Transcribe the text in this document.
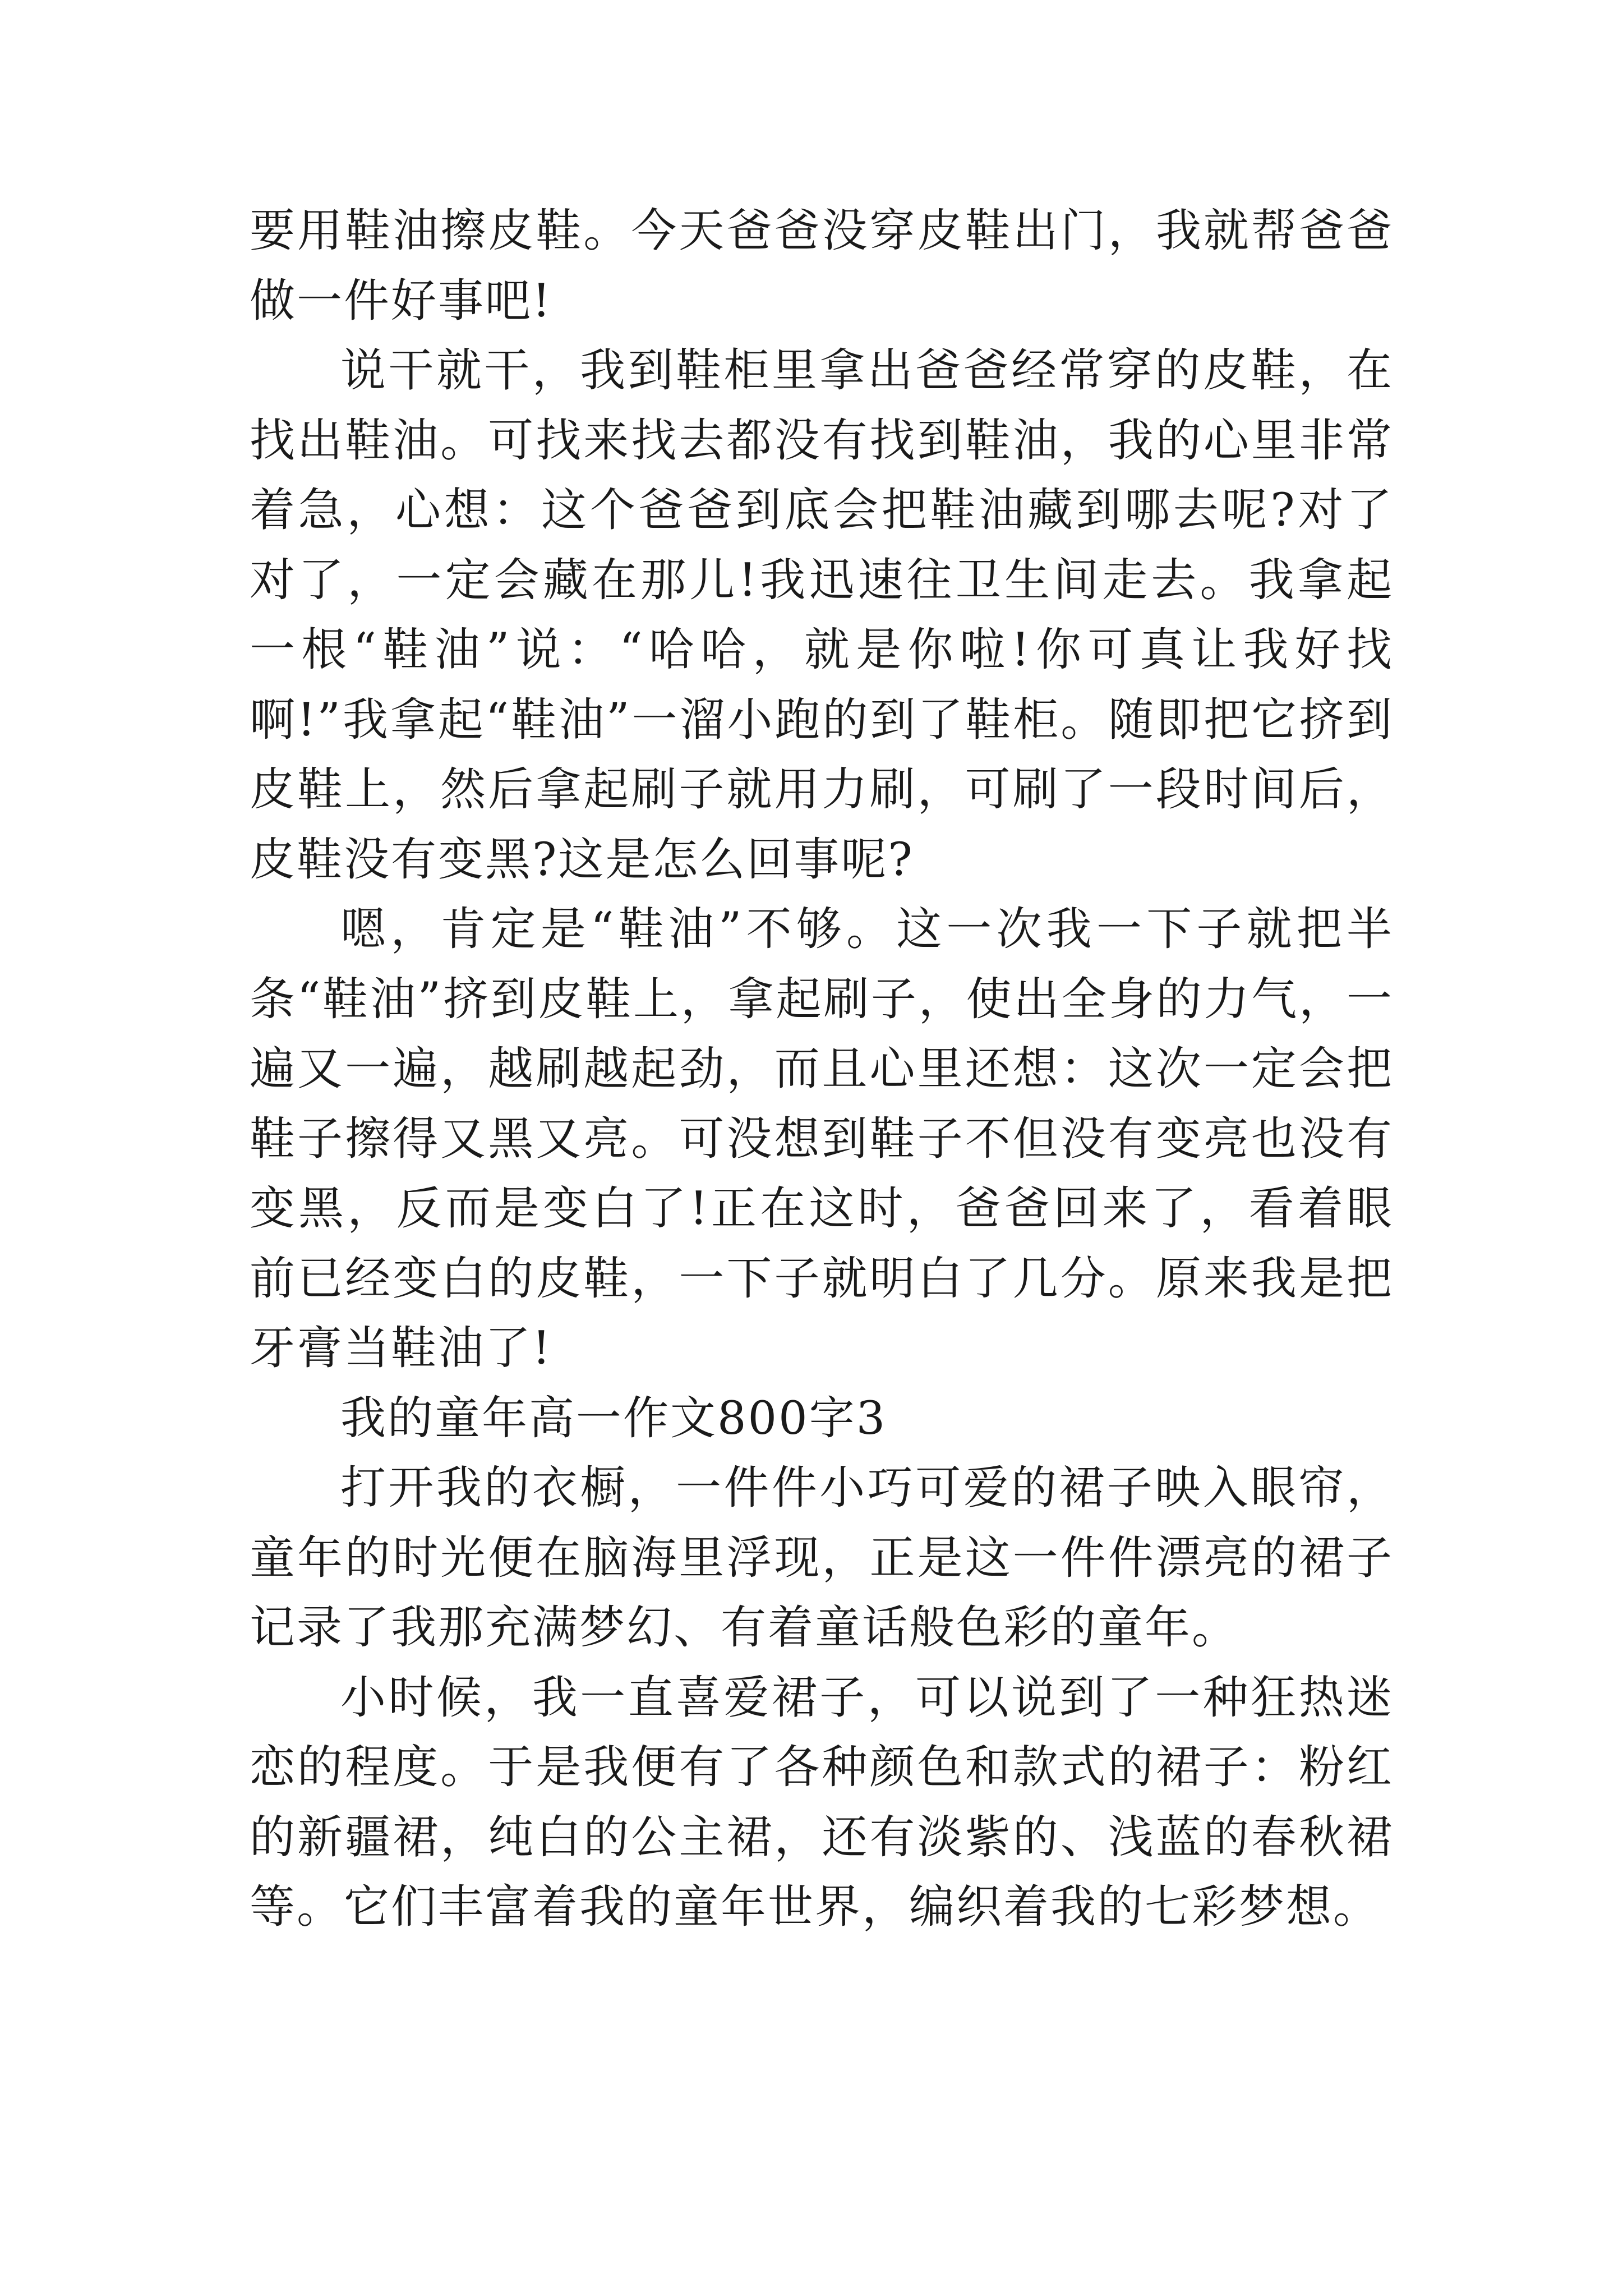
要用鞋油擦皮鞋。今天爸爸没穿皮鞋出门，我就帮爸爸做一件好事吧!

说干就干，我到鞋柜里拿出爸爸经常穿的皮鞋，在找出鞋油。可找来找去都没有找到鞋油，我的心里非常着急，心想：这个爸爸到底会把鞋油藏到哪去呢?对了对了，一定会藏在那儿!我迅速往卫生间走去。我拿起一根“鞋油”说：“哈哈，就是你啦!你可真让我好找啊!”我拿起“鞋油”一溜小跑的到了鞋柜。随即把它挤到皮鞋上，然后拿起刷子就用力刷，可刷了一段时间后，皮鞋没有变黑?这是怎么回事呢?

嗯，肯定是“鞋油”不够。这一次我一下子就把半条“鞋油”挤到皮鞋上，拿起刷子，使出全身的力气，一遍又一遍，越刷越起劲，而且心里还想：这次一定会把鞋子擦得又黑又亮。可没想到鞋子不但没有变亮也没有变黑，反而是变白了!正在这时，爸爸回来了，看着眼前已经变白的皮鞋，一下子就明白了几分。原来我是把牙膏当鞋油了!

我的童年高一作文800字3

打开我的衣橱，一件件小巧可爱的裙子映入眼帘，童年的时光便在脑海里浮现，正是这一件件漂亮的裙子记录了我那充满梦幻、有着童话般色彩的童年。

小时候，我一直喜爱裙子，可以说到了一种狂热迷恋的程度。于是我便有了各种颜色和款式的裙子：粉红的新疆裙，纯白的公主裙，还有淡紫的、浅蓝的春秋裙等。它们丰富着我的童年世界，编织着我的七彩梦想。
